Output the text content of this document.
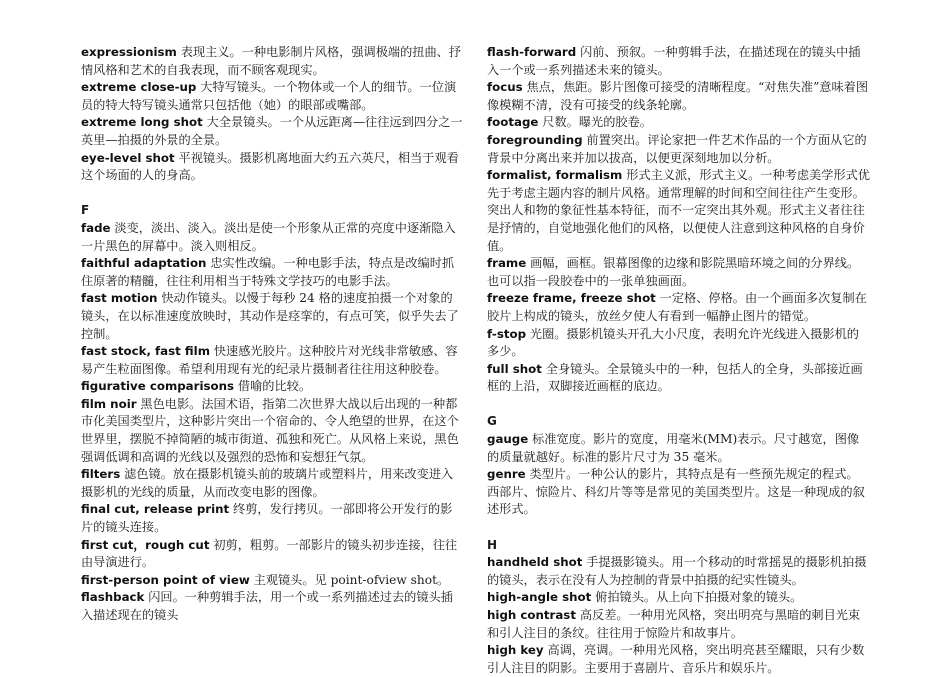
expressionism 表现主义。一种电影制片风格，强调极端的扭曲、抒情风格和艺术的自我表现，而不顾客观现实。

extreme close-up 大特写镜头。一个物体或一个人的细节。一位演员的特大特写镜头通常只包括他（她）的眼部或嘴部。

extreme long shot 大全景镜头。一个从远距离—往往远到四分之一英里—拍摄的外景的全景。

eye-level shot 平视镜头。摄影机离地面大约五六英尺，相当于观看这个场面的人的身高。

F

fade 淡变，淡出、淡入。淡出是使一个形象从正常的亮度中逐渐隐入一片黑色的屏幕中。淡入则相反。

faithful adaptation 忠实性改编。一种电影手法，特点是改编时抓住原著的精髓，往往利用相当于特殊文学技巧的电影手法。

fast motion 快动作镜头。以慢于每秒 24 格的速度拍摄一个对象的镜头，在以标准速度放映时，其动作是痉挛的，有点可笑，似乎失去了控制。

fast stock, fast film 快速感光胶片。这种胶片对光线非常敏感、容易产生粒面图像。希望利用现有光的纪录片摄制者往往用这种胶卷。

figurative comparisons 借喻的比较。

film noir 黑色电影。法国术语，指第二次世界大战以后出现的一种都市化美国类型片，这种影片突出一个宿命的、令人绝望的世界，在这个世界里，摆脱不掉简陋的城市街道、孤独和死亡。从风格上来说，黑色强调低调和高调的光线以及强烈的恐怖和妄想狂气氛。

filters 滤色镜。放在摄影机镜头前的玻璃片或塑料片，用来改变进入摄影机的光线的质量，从而改变电影的图像。

final cut, release print 终剪，发行拷贝。一部即将公开发行的影片的镜头连接。

first cut，rough cut 初剪，粗剪。一部影片的镜头初步连接，往往由导演进行。

first-person point of view 主观镜头。见 point-ofview shot。

flashback 闪回。一种剪辑手法，用一个或一系列描述过去的镜头插入描述现在的镜头

flash-forward 闪前、预叙。一种剪辑手法，在描述现在的镜头中插入一个或一系列描述未来的镜头。

focus 焦点，焦距。影片图像可接受的清晰程度。“对焦失准”意味着图像模糊不清，没有可接受的线条轮廓。

footage 尺数。曝光的胶卷。

foregrounding 前置突出。评论家把一件艺术作品的一个方面从它的背景中分离出来并加以拔高，以便更深刻地加以分析。

formalist, formalism 形式主义派，形式主义。一种考虑美学形式优先于考虑主题内容的制片风格。通常理解的时间和空间往往产生变形。突出人和物的象征性基本特征，而不一定突出其外观。形式主义者往往是抒情的，自觉地强化他们的风格，以便使人注意到这种风格的自身价值。

frame 画幅，画框。银幕图像的边缘和影院黑暗环境之间的分界线。也可以指一段胶卷中的一张单独画面。

freeze frame, freeze shot 一定格、停格。由一个画面多次复制在胶片上构成的镜头，放丝夕使人有看到一幅静止图片的错觉。

f-stop 光圈。摄影机镜头开孔大小尺度，表明允许光线进入摄影机的多少。

full shot 全身镜头。全景镜头中的一种，包括人的全身，头部接近画框的上沿，双脚接近画框的底边。

G

gauge 标准宽度。影片的宽度，用毫米(MM)表示。尺寸越宽，图像的质量就越好。标准的影片尺寸为 35 毫米。

genre 类型片。一种公认的影片，其特点是有一些预先规定的程式。西部片、惊险片、科幻片等等是常见的美国类型片。这是一种现成的叙述形式。

H

handheld shot 手提摄影镜头。用一个移动的时常摇晃的摄影机拍摄的镜头，表示在没有人为控制的背景中拍摄的纪实性镜头。

high-angle shot 俯拍镜头。从上向下拍摄对象的镜头。

high contrast 高反差。一种用光风格，突出明亮与黑暗的刺目光束和引人注目的条纹。往往用于惊险片和故事片。

high key 高调，亮调。一种用光风格，突出明亮甚至耀眼，只有少数引人注目的阴影。主要用于喜剧片、音乐片和娱乐片。
